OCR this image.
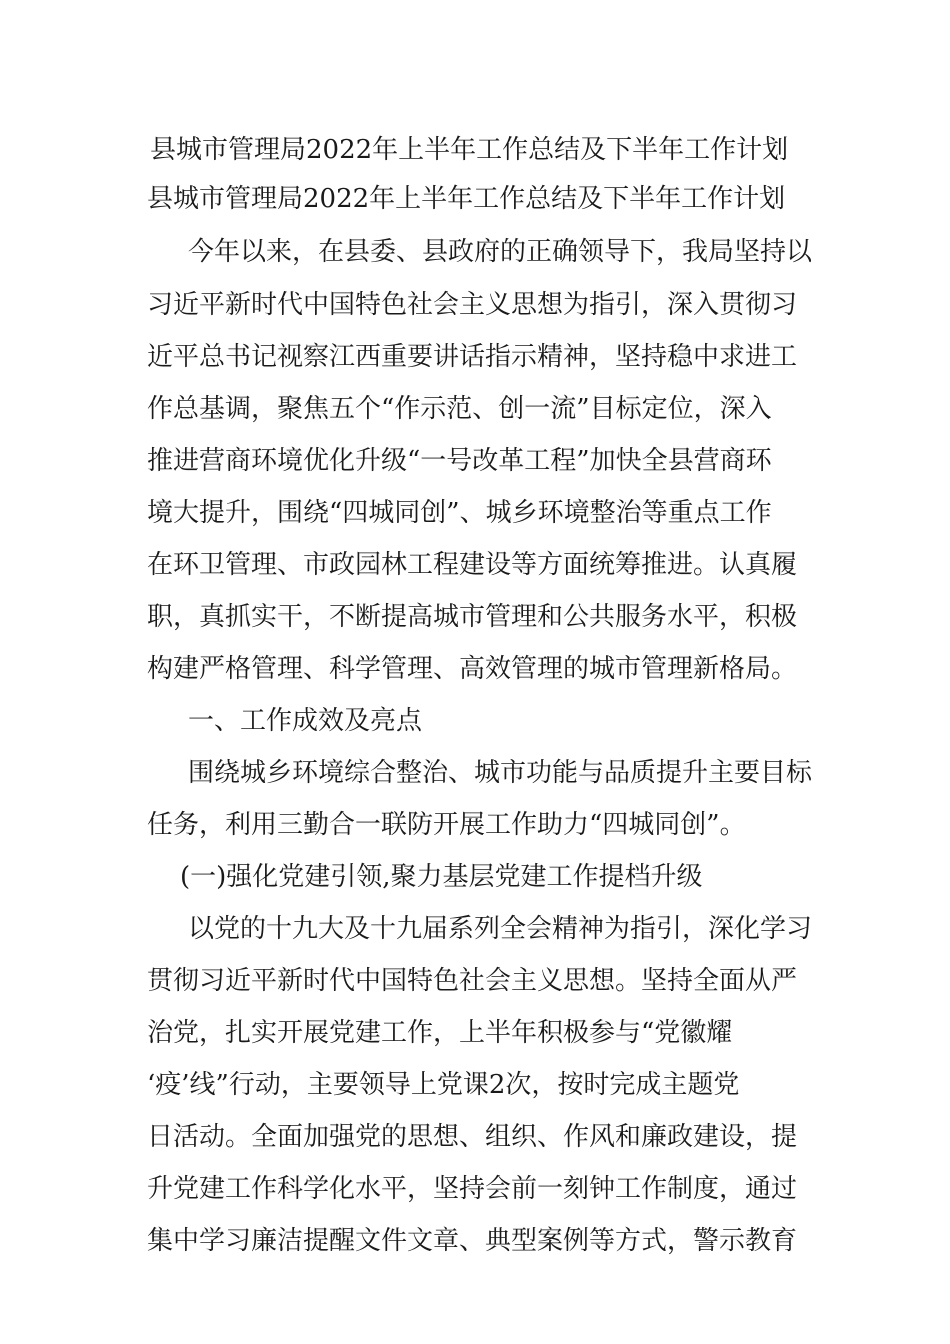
县城市管理局2022年上半年工作总结及下半年工作计划
县城市管理局2022年上半年工作总结及下半年工作计划
今年以来，在县委、县政府的正确领导下，我局坚持以
习近平新时代中国特色社会主义思想为指引，深入贯彻习
近平总书记视察江西重要讲话指示精神，坚持稳中求进工
作总基调，聚焦五个“作示范、创一流”目标定位，深入
推进营商环境优化升级“一号改革工程”加快全县营商环
境大提升，围绕“四城同创”、城乡环境整治等重点工作
在环卫管理、市政园林工程建设等方面统筹推进。认真履
职，真抓实干，不断提高城市管理和公共服务水平，积极
构建严格管理、科学管理、高效管理的城市管理新格局。
一、工作成效及亮点
围绕城乡环境综合整治、城市功能与品质提升主要目标
任务，利用三勤合一联防开展工作助力“四城同创”。
(一)强化党建引领,聚力基层党建工作提档升级
以党的十九大及十九届系列全会精神为指引，深化学习
贯彻习近平新时代中国特色社会主义思想。坚持全面从严
治党，扎实开展党建工作，上半年积极参与“党徽耀
‘疫’线”行动，主要领导上党课2次，按时完成主题党
日活动。全面加强党的思想、组织、作风和廉政建设，提
升党建工作科学化水平，坚持会前一刻钟工作制度，通过
集中学习廉洁提醒文件文章、典型案例等方式，警示教育
